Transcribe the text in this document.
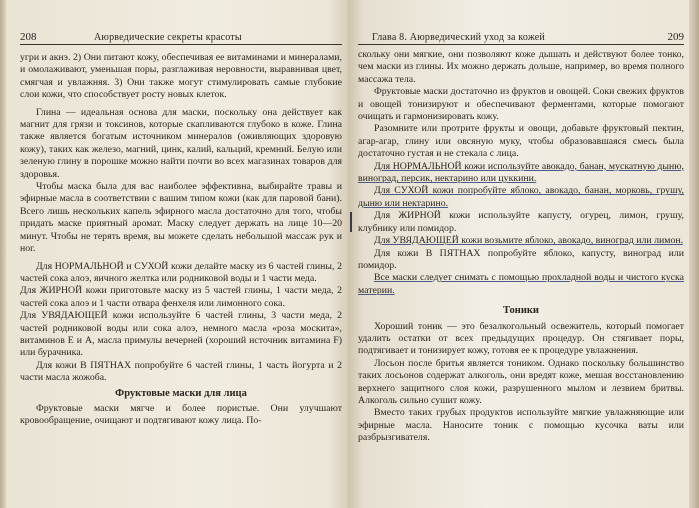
208	Аюрведические секреты красоты

угри и акнэ. 2) Они питают кожу, обеспечивая ее витаминами и минералами, и омолаживают, уменьшая поры, разглаживая неровности, выравнивая цвет, смягчая и увлажняя. 3) Они также могут стимулировать самые глубокие слои кожи, что способствует росту новых клеток.

Глина — идеальная основа для маски, поскольку она действует как магнит для грязи и токсинов, которые скапливаются глубоко в коже. Глина также является богатым источником минералов (оживляющих здоровую кожу), таких как железо, магний, цинк, калий, кальций, кремний. Белую или зеленую глину в порошке можно найти почти во всех магазинах товаров для здоровья.

Чтобы маска была для вас наиболее эффективна, выбирайте травы и эфирные масла в соответствии с вашим типом кожи (как для паровой бани). Всего лишь нескольких капель эфирного масла достаточно для того, чтобы придать маске приятный аромат. Маску следует держать на лице 10—20 минут. Чтобы не терять время, вы можете сделать небольшой массаж рук и ног.

Для НОРМАЛЬНОЙ и СУХОЙ кожи делайте маску из 6 частей глины, 2 частей сока алоэ, яичного желтка или родниковой воды и 1 части меда.

Для ЖИРНОЙ кожи приготовьте маску из 5 частей глины, 1 части меда, 2 частей сока алоэ и 1 части отвара фенхеля или лимонного сока.

Для УВЯДАЮЩЕЙ кожи используйте 6 частей глины, 3 части меда, 2 частей родниковой воды или сока алоэ, немного масла «роза москита», витаминов Е и А, масла примулы вечерней (хороший источник витамина F) или бурачника.

Для кожи В ПЯТНАХ попробуйте 6 частей глины, 1 часть йогурта и 2 части масла жожоба.

Фруктовые маски для лица

Фруктовые маски мягче и более пористые. Они улучшают кровообращение, очищают и подтягивают кожу лица. По-

Глава 8. Аюрведический уход за кожей	209

скольку они мягкие, они позволяют коже дышать и действуют более тонко, чем маски из глины. Их можно держать дольше, например, во время полного массажа тела.

Фруктовые маски достаточно из фруктов и овощей. Соки свежих фруктов и овощей тонизируют и обеспечивают ферментами, которые помогают очищать и гармонизировать кожу.

Разомните или протрите фрукты и овощи, добавьте фруктовый пектин, агар-агар, глину или овсяную муку, чтобы образовавшаяся смесь была достаточно густая и не стекала с лица.

Для НОРМАЛЬНОЙ кожи используйте авокадо, банан, мускатную дыню, виноград, персик, нектарино или цуккини.

Для СУХОЙ кожи попробуйте яблоко, авокадо, банан, морковь, грушу, дыню или нектарино.

Для ЖИРНОЙ кожи используйте капусту, огурец, лимон, грушу, клубнику или помидор.

Для УВЯДАЮЩЕЙ кожи возьмите яблоко, авокадо, виноград или лимон.

Для кожи В ПЯТНАХ попробуйте яблоко, капусту, виноград или помидор.

Все маски следует снимать с помощью прохладной воды и чистого куска материи.

Тоники

Хороший тоник — это безалкогольный освежитель, который помогает удалить остатки от всех предыдущих процедур. Он стягивает поры, подтягивает и тонизирует кожу, готовя ее к процедуре увлажнения.

Лосьон после бритья является тоником. Однако поскольку большинство таких лосьонов содержат алкоголь, они вредят коже, мешая восстановлению верхнего защитного слоя кожи, разрушенного мылом и лезвием бритвы. Алкоголь сильно сушит кожу.

Вместо таких грубых продуктов используйте мягкие увлажняющие или эфирные масла. Наносите тоник с помощью кусочка ваты или разбрызгивателя.
